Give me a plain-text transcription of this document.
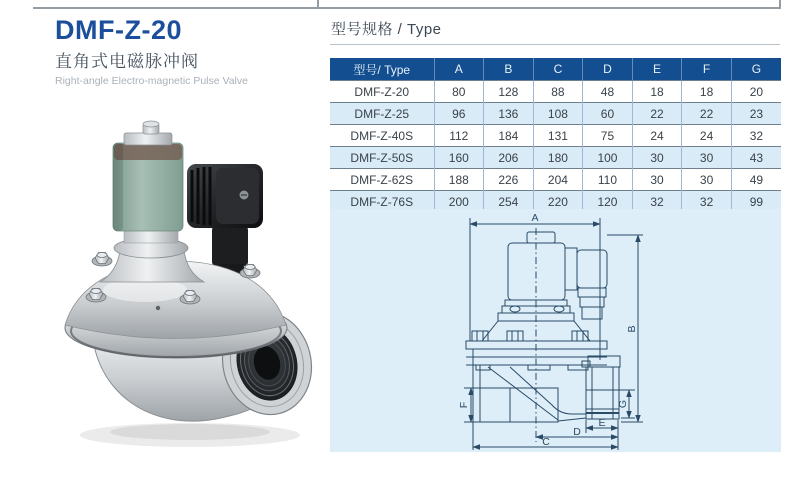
DMF-Z-20
直角式电磁脉冲阀
Right-angle Electro-magnetic Pulse Valve
型号规格 / Type
型号/ Type	A	B	C	D	E	F	G
DMF-Z-20	80	128	88	48	18	18	20
DMF-Z-25	96	136	108	60	22	22	23
DMF-Z-40S	112	184	131	75	24	24	32
DMF-Z-50S	160	206	180	100	30	30	43
DMF-Z-62S	188	226	204	110	30	30	49
DMF-Z-76S	200	254	220	120	32	32	99
A
B
C
D
E
F	G
